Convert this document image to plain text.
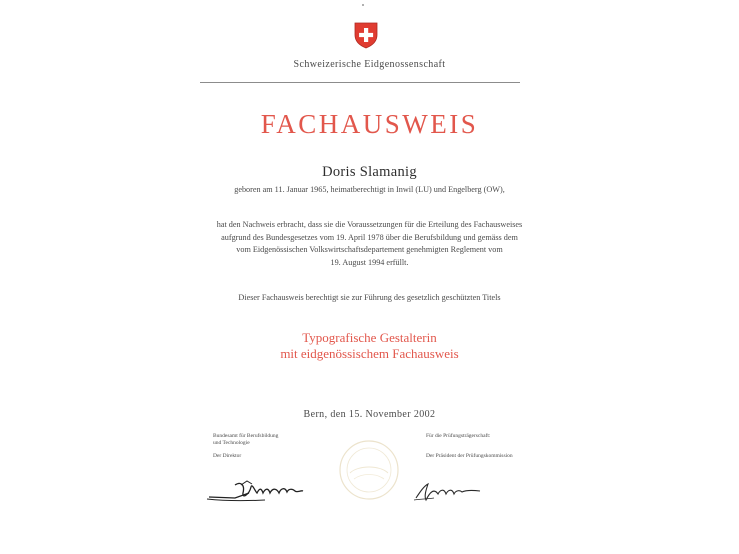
Schweizerische Eidgenossenschaft
FACHAUSWEIS
Doris Slamanig
geboren am 11. Januar 1965, heimatberechtigt in Inwil (LU) und Engelberg (OW),
hat den Nachweis erbracht, dass sie die Voraussetzungen für die Erteilung des Fachausweises
aufgrund des Bundesgesetzes vom 19. April 1978 über die Berufsbildung und gemäss dem
vom Eidgenössischen Volkswirtschaftsdepartement genehmigten Reglement vom
19. August 1994 erfüllt.
Dieser Fachausweis berechtigt sie zur Führung des gesetzlich geschützten Titels
Typografische Gestalterin
mit eidgenössischem Fachausweis
Bern, den 15. November 2002
Bundesamt für Berufsbildung
und Technologie
Der Direktor
Für die Prüfungsträgerschaft:
Der Präsident der Prüfungskommission
